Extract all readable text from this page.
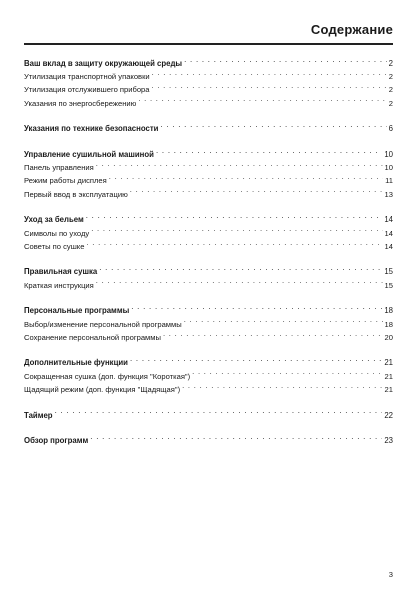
Содержание
Ваш вклад в защиту окружающей среды . . .	2
Утилизация транспортной упаковки . . .	2
Утилизация отслужившего прибора . . .	2
Указания по энергосбережению . . .	2
Указания по технике безопасности . . .	6
Управление сушильной машиной . . .	10
Панель управления . . .	10
Режим работы дисплея . . .	11
Первый ввод в эксплуатацию . . .	13
Уход за бельем . . .	14
Символы по уходу . . .	14
Советы по сушке . . .	14
Правильная сушка . . .	15
Краткая инструкция . . .	15
Персональные программы . . .	18
Выбор/изменение персональной программы . . .	18
Сохранение персональной программы . . .	20
Дополнительные функции . . .	21
Сокращенная сушка (доп. функция "Короткая") . . .	21
Щадящий режим (доп. функция "Щадящая") . . .	21
Таймер . . .	22
Обзор программ . . .	23
3
